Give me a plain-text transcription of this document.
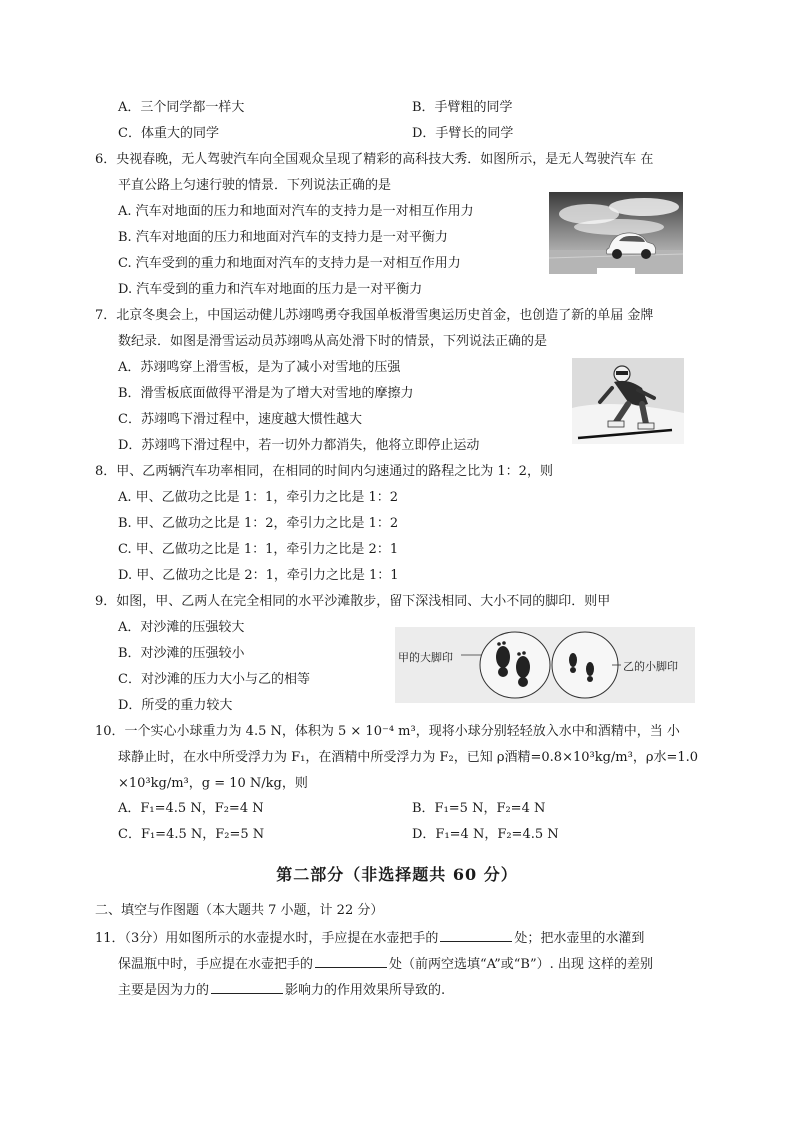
A．三个同学都一样大	B．手臂粗的同学
C．体重大的同学	D．手臂长的同学
6．央视春晚，无人驾驶汽车向全国观众呈现了精彩的高科技大秀．如图所示，是无人驾驶汽车 在
平直公路上匀速行驶的情景．下列说法正确的是
A. 汽车对地面的压力和地面对汽车的支持力是一对相互作用力
B. 汽车对地面的压力和地面对汽车的支持力是一对平衡力
C. 汽车受到的重力和地面对汽车的支持力是一对相互作用力
D. 汽车受到的重力和汽车对地面的压力是一对平衡力
7．北京冬奥会上，中国运动健儿苏翊鸣勇夺我国单板滑雪奥运历史首金，也创造了新的单届 金牌
数纪录．如图是滑雪运动员苏翊鸣从高处滑下时的情景，下列说法正确的是
A．苏翊鸣穿上滑雪板，是为了减小对雪地的压强
B．滑雪板底面做得平滑是为了增大对雪地的摩擦力
C．苏翊鸣下滑过程中，速度越大惯性越大
D．苏翊鸣下滑过程中，若一切外力都消失，他将立即停止运动
8．甲、乙两辆汽车功率相同，在相同的时间内匀速通过的路程之比为 1：2，则
A. 甲、乙做功之比是 1：1，牵引力之比是 1：2
B. 甲、乙做功之比是 1：2，牵引力之比是 1：2
C. 甲、乙做功之比是 1：1，牵引力之比是 2：1
D. 甲、乙做功之比是 2：1，牵引力之比是 1：1
9．如图，甲、乙两人在完全相同的水平沙滩散步，留下深浅相同、大小不同的脚印．则甲
A．对沙滩的压强较大
B．对沙滩的压强较小
C．对沙滩的压力大小与乙的相等
D．所受的重力较大
甲的大脚印
乙的小脚印
10．一个实心小球重力为 4.5 N，体积为 5 × 10⁻⁴ m³，现将小球分别轻轻放入水中和酒精中，当 小
球静止时，在水中所受浮力为 F₁，在酒精中所受浮力为 F₂，已知 ρ酒精=0.8×10³kg/m³，ρ水=1.0
×10³kg/m³，g = 10 N/kg，则
A．F₁=4.5 N，F₂=4 N	B．F₁=5 N，F₂=4 N
C．F₁=4.5 N，F₂=5 N	D．F₁=4 N，F₂=4.5 N
第二部分（非选择题共 60 分）
二、填空与作图题（本大题共 7 小题，计 22 分）
11．（3分）用如图所示的水壶提水时，手应提在水壶把手的	处；把水壶里的水灌到
保温瓶中时，手应提在水壶把手的	处（前两空选填“A”或“B”）. 出现 这样的差别
主要是因为力的	影响力的作用效果所导致的.
